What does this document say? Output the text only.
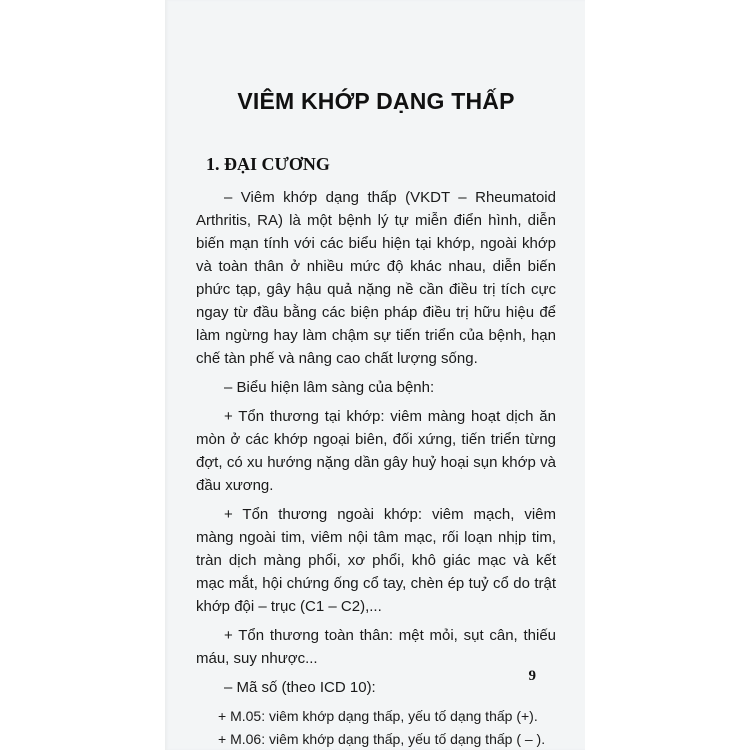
VIÊM KHỚP DẠNG THẤP
1. ĐẠI CƯƠNG

– Viêm khớp dạng thấp (VKDT – Rheumatoid Arthritis, RA) là một bệnh lý tự miễn điển hình, diễn biến mạn tính với các biểu hiện tại khớp, ngoài khớp và toàn thân ở nhiều mức độ khác nhau, diễn biến phức tạp, gây hậu quả nặng nề cần điều trị tích cực ngay từ đầu bằng các biện pháp điều trị hữu hiệu để làm ngừng hay làm chậm sự tiến triển của bệnh, hạn chế tàn phế và nâng cao chất lượng sống.

– Biểu hiện lâm sàng của bệnh:

+ Tổn thương tại khớp: viêm màng hoạt dịch ăn mòn ở các khớp ngoại biên, đối xứng, tiến triển từng đợt, có xu hướng nặng dần gây huỷ hoại sụn khớp và đầu xương.

+ Tổn thương ngoài khớp: viêm mạch, viêm màng ngoài tim, viêm nội tâm mạc, rối loạn nhịp tim, tràn dịch màng phổi, xơ phổi, khô giác mạc và kết mạc mắt, hội chứng ống cổ tay, chèn ép tuỷ cổ do trật khớp đội – trục (C1 – C2),...

+ Tổn thương toàn thân: mệt mỏi, sụt cân, thiếu máu, suy nhược...

– Mã số (theo ICD 10):

+ M.05: viêm khớp dạng thấp, yếu tố dạng thấp (+).

+ M.06: viêm khớp dạng thấp, yếu tố dạng thấp ( – ).

9
